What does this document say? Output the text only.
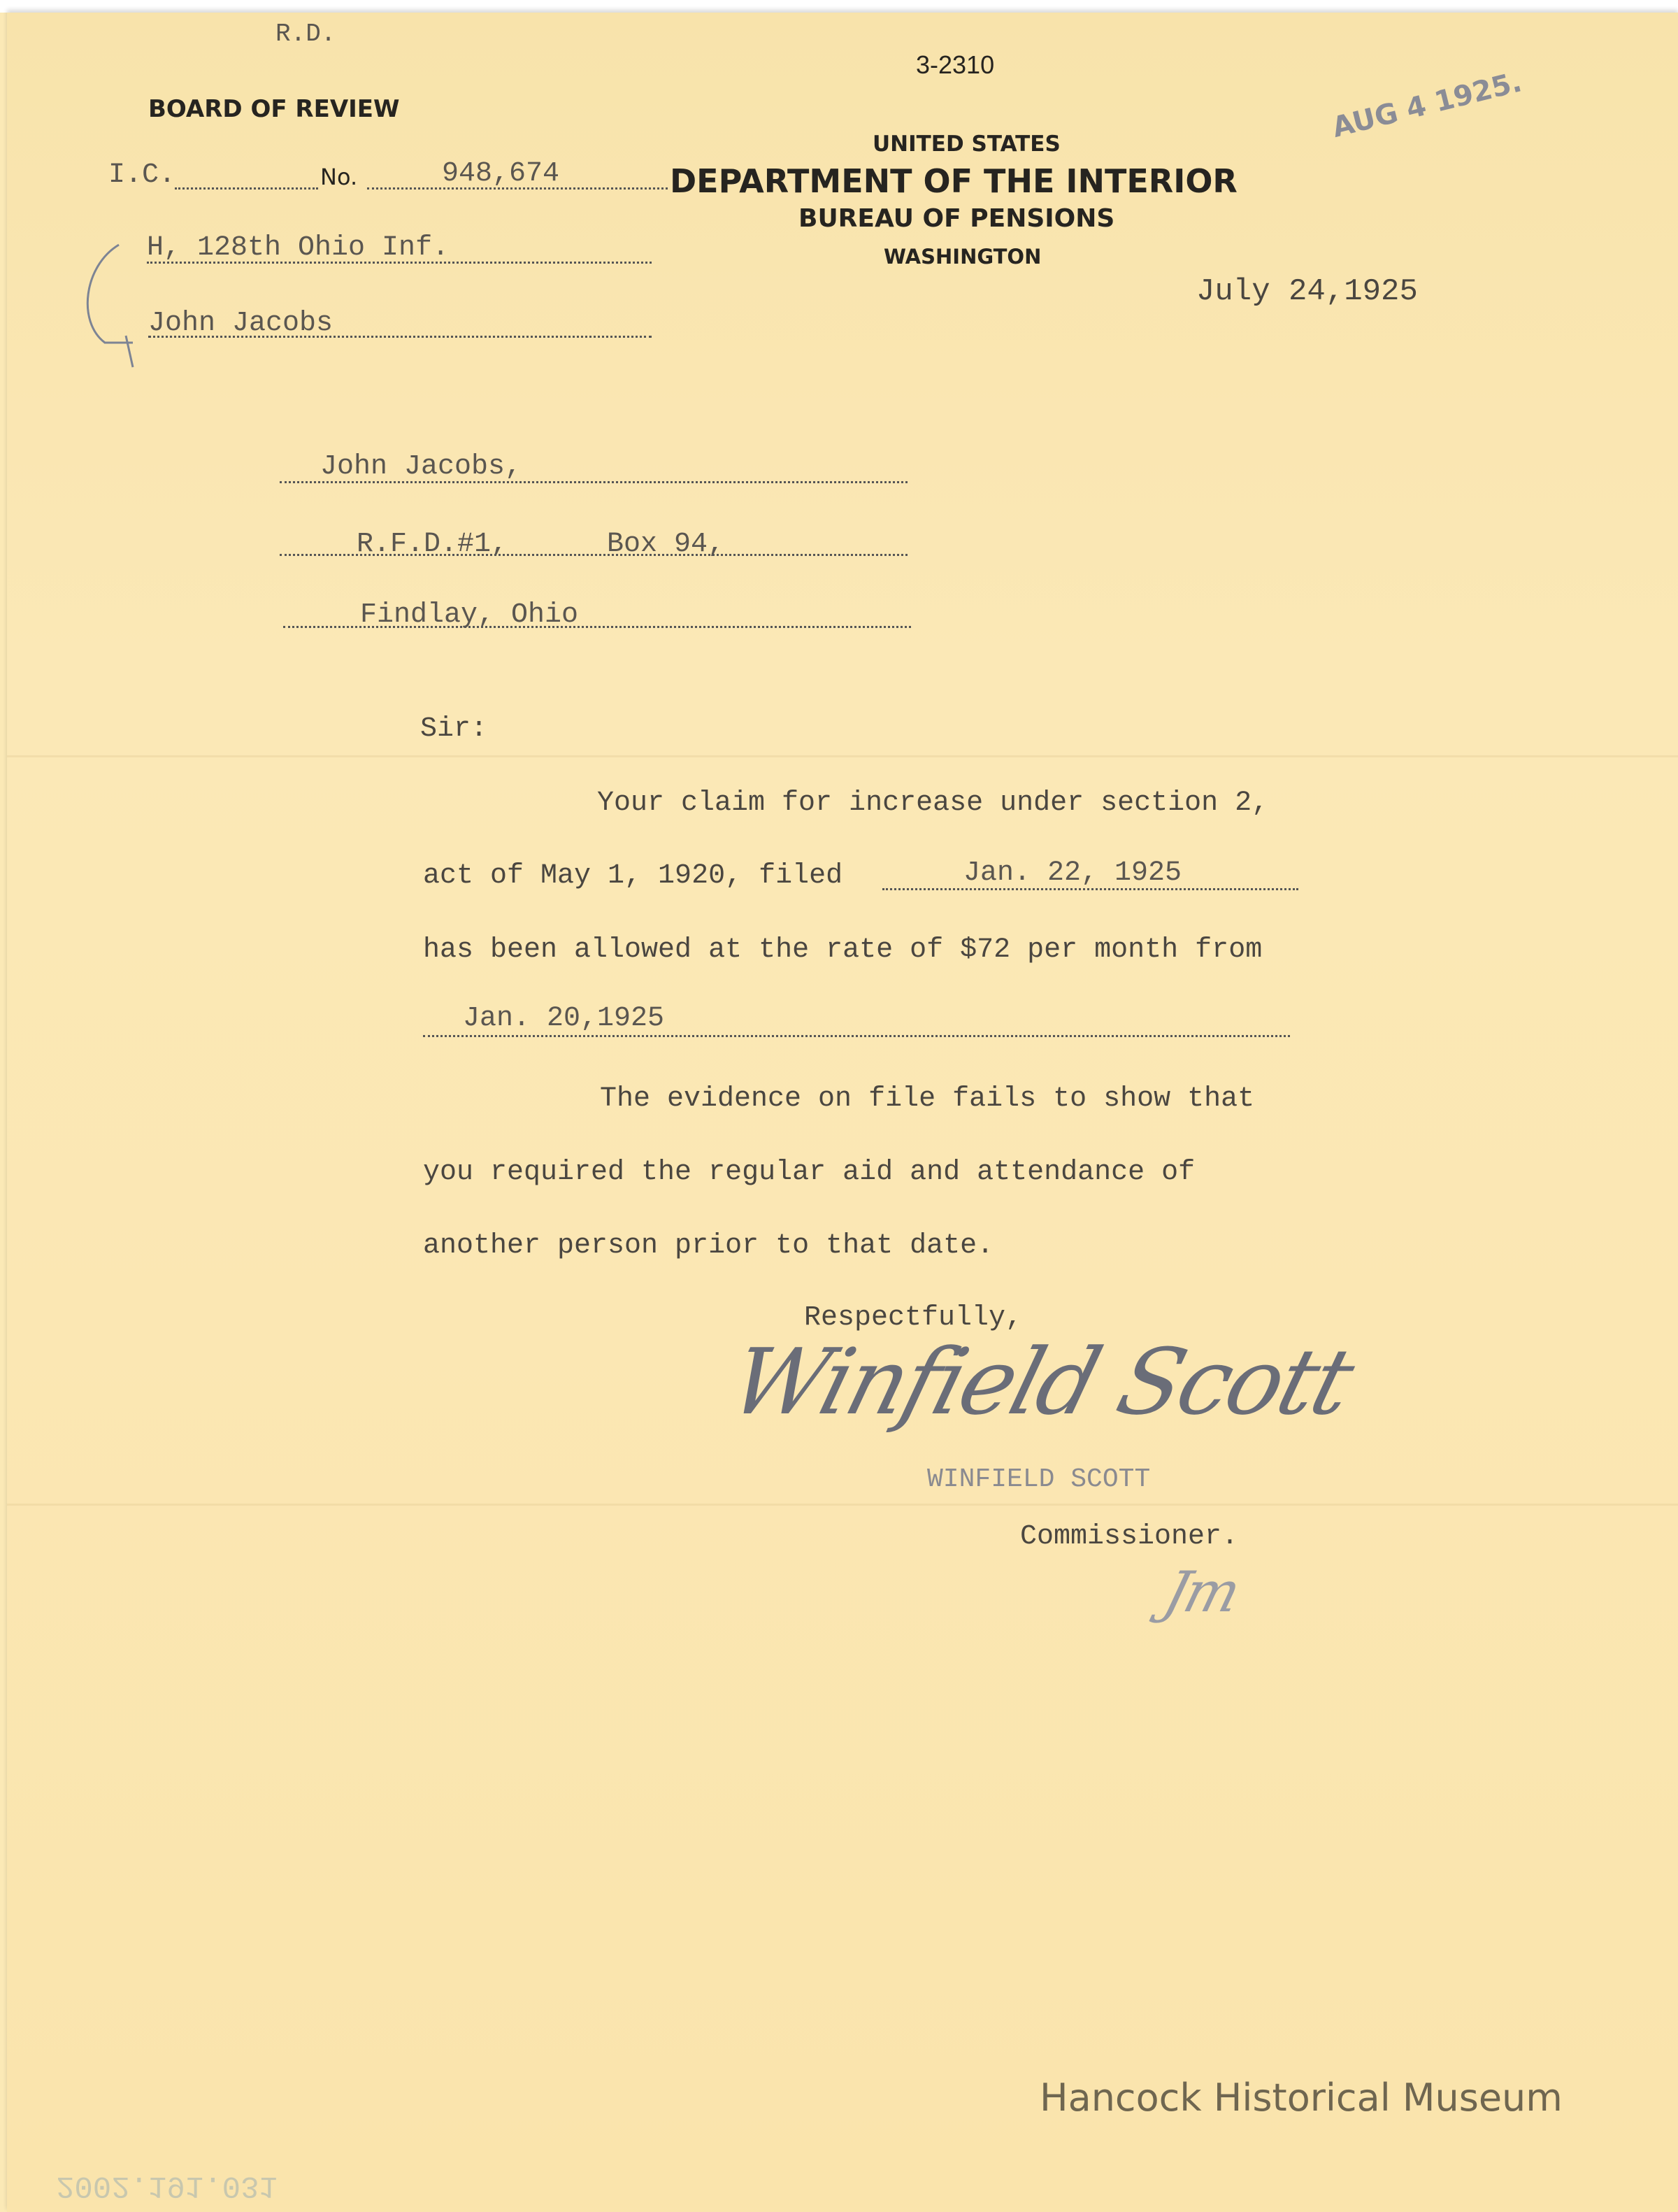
R.D.
3-2310
BOARD OF REVIEW
UNITED STATES
DEPARTMENT OF THE INTERIOR
BUREAU OF PENSIONS
WASHINGTON
I.C.	No.	948,674
H, 128th Ohio Inf.
John Jacobs
AUG 4 1925.
July 24,1925
John Jacobs,
R.F.D.#1,	Box 94,
Findlay, Ohio
Sir:
Your claim for increase under section 2,
act of May 1, 1920, filed	Jan. 22, 1925
has been allowed at the rate of $72 per month from
Jan. 20,1925
The evidence on file fails to show that
you required the regular aid and attendance of
another person prior to that date.
Respectfully,
Winfield Scott
WINFIELD SCOTT
Commissioner.
Jm
Hancock Historical Museum
2002.191.031
